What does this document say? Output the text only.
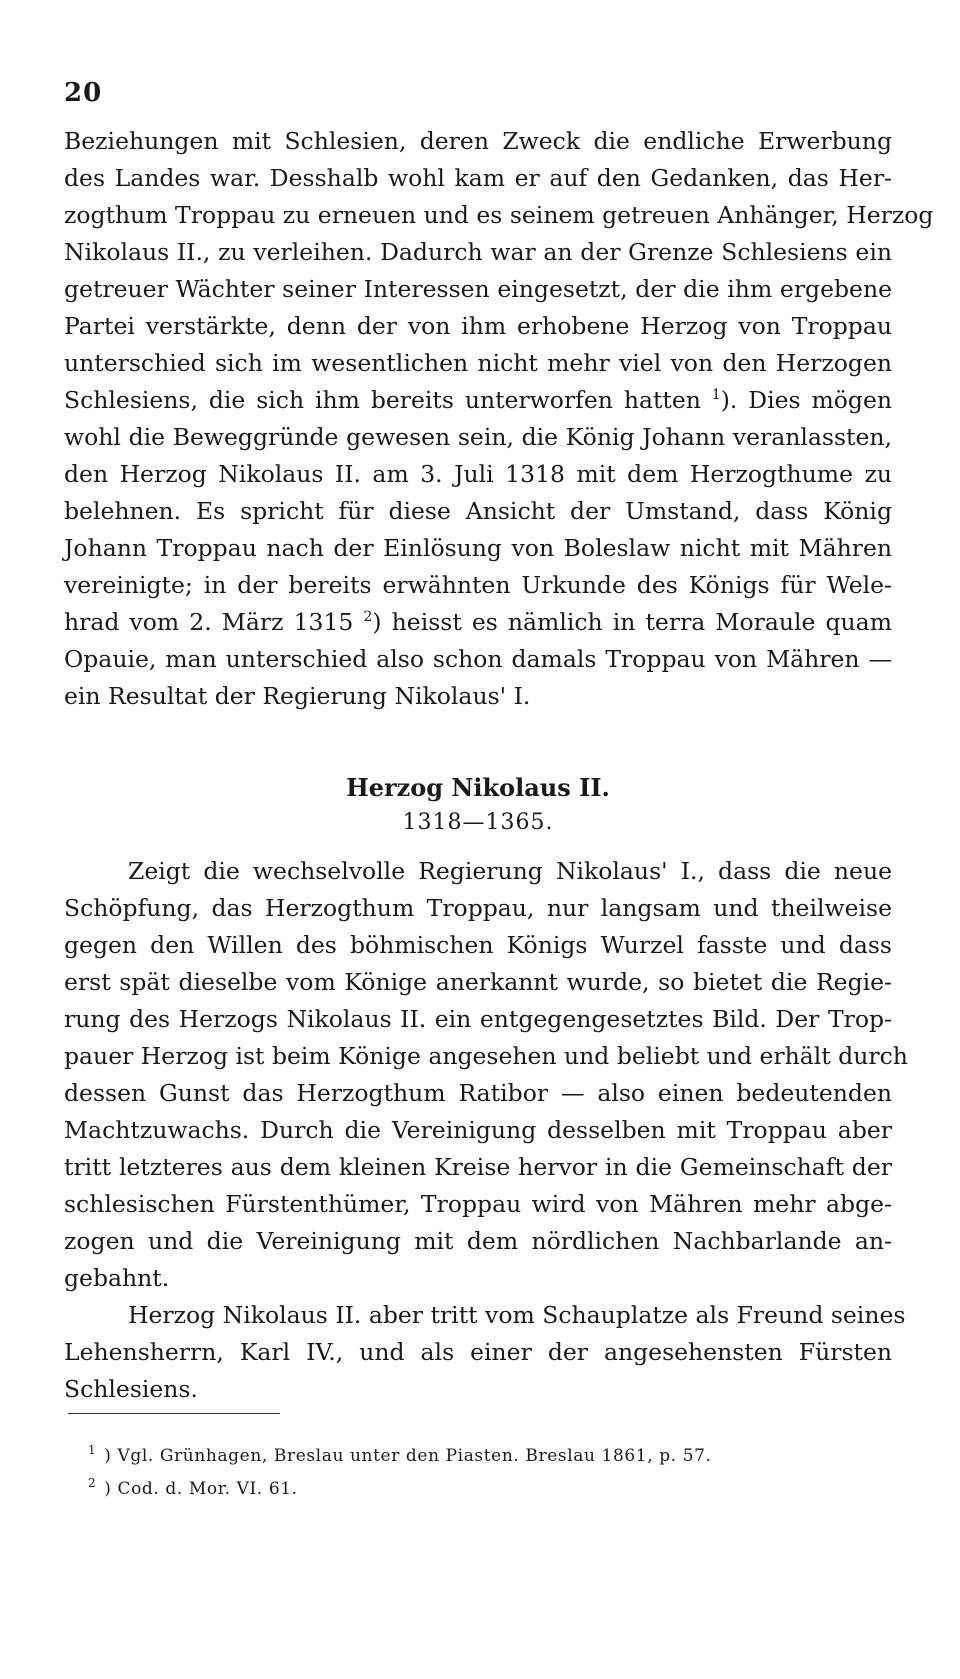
20
Beziehungen mit Schlesien, deren Zweck die endliche Erwerbung
des Landes war. Desshalb wohl kam er auf den Gedanken, das Her-
zogthum Troppau zu erneuen und es seinem getreuen Anhänger, Herzog
Nikolaus II., zu verleihen. Dadurch war an der Grenze Schlesiens ein
getreuer Wächter seiner Interessen eingesetzt, der die ihm ergebene
Partei verstärkte, denn der von ihm erhobene Herzog von Troppau
unterschied sich im wesentlichen nicht mehr viel von den Herzogen
Schlesiens, die sich ihm bereits unterworfen hatten $^1$). Dies mögen
wohl die Beweggründe gewesen sein, die König Johann veranlassten,
den Herzog Nikolaus II. am 3. Juli 1318 mit dem Herzogthume zu
belehnen. Es spricht für diese Ansicht der Umstand, dass König
Johann Troppau nach der Einlösung von Boleslaw nicht mit Mähren
vereinigte; in der bereits erwähnten Urkunde des Königs für Wele-
hrad vom 2. März 1315 $^2$) heisst es nämlich in terra Moraule quam
Opauie, man unterschied also schon damals Troppau von Mähren —
ein Resultat der Regierung Nikolaus' I.
Herzog Nikolaus II.
1318—1365.
Zeigt die wechselvolle Regierung Nikolaus' I., dass die neue
Schöpfung, das Herzogthum Troppau, nur langsam und theilweise
gegen den Willen des böhmischen Königs Wurzel fasste und dass
erst spät dieselbe vom Könige anerkannt wurde, so bietet die Regie-
rung des Herzogs Nikolaus II. ein entgegengesetztes Bild. Der Trop-
pauer Herzog ist beim Könige angesehen und beliebt und erhält durch
dessen Gunst das Herzogthum Ratibor — also einen bedeutenden
Machtzuwachs. Durch die Vereinigung desselben mit Troppau aber
tritt letzteres aus dem kleinen Kreise hervor in die Gemeinschaft der
schlesischen Fürstenthümer, Troppau wird von Mähren mehr abge-
zogen und die Vereinigung mit dem nördlichen Nachbarlande an-
gebahnt.
Herzog Nikolaus II. aber tritt vom Schauplatze als Freund seines
Lehensherrn, Karl IV., und als einer der angesehensten Fürsten
Schlesiens.
$^1$ ) Vgl. Grünhagen, Breslau unter den Piasten. Breslau 1861, p. 57.
$^2$ ) Cod. d. Mor. VI. 61.
